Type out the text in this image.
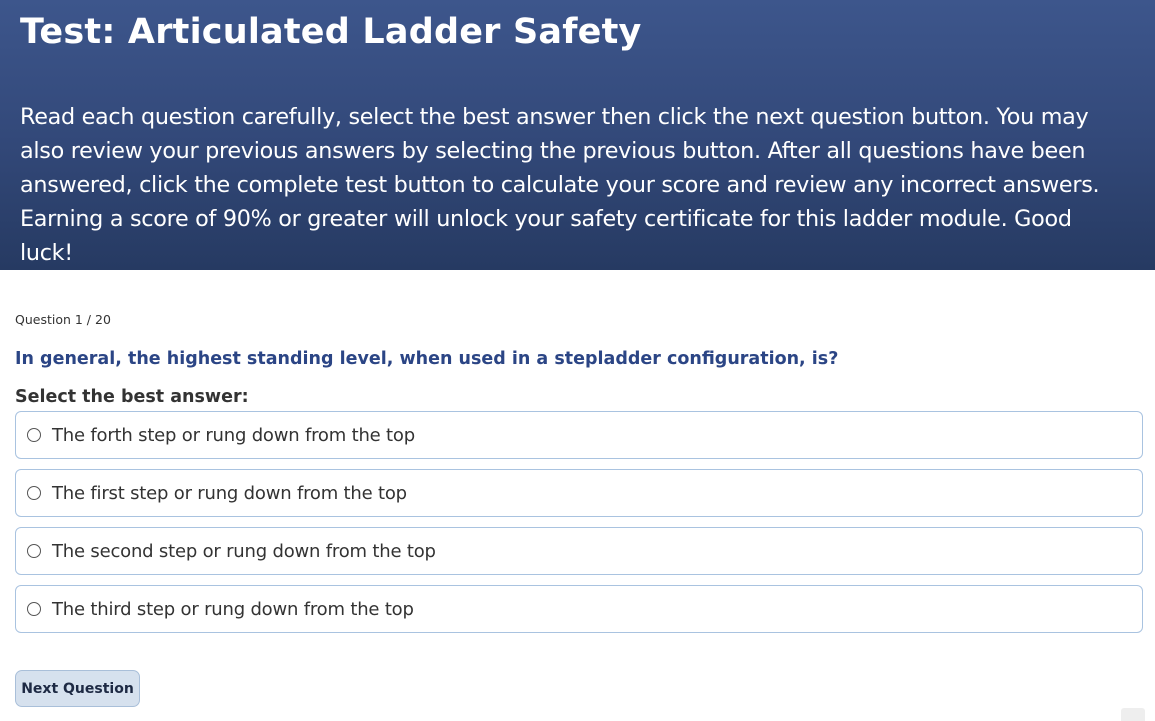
Test: Articulated Ladder Safety

Read each question carefully, select the best answer then click the next question button. You may also review your previous answers by selecting the previous button. After all questions have been answered, click the complete test button to calculate your score and review any incorrect answers. Earning a score of 90% or greater will unlock your safety certificate for this ladder module. Good luck!

Question 1 / 20
In general, the highest standing level, when used in a stepladder configuration, is?
Select the best answer:
The forth step or rung down from the top
The first step or rung down from the top
The second step or rung down from the top
The third step or rung down from the top
Next Question
